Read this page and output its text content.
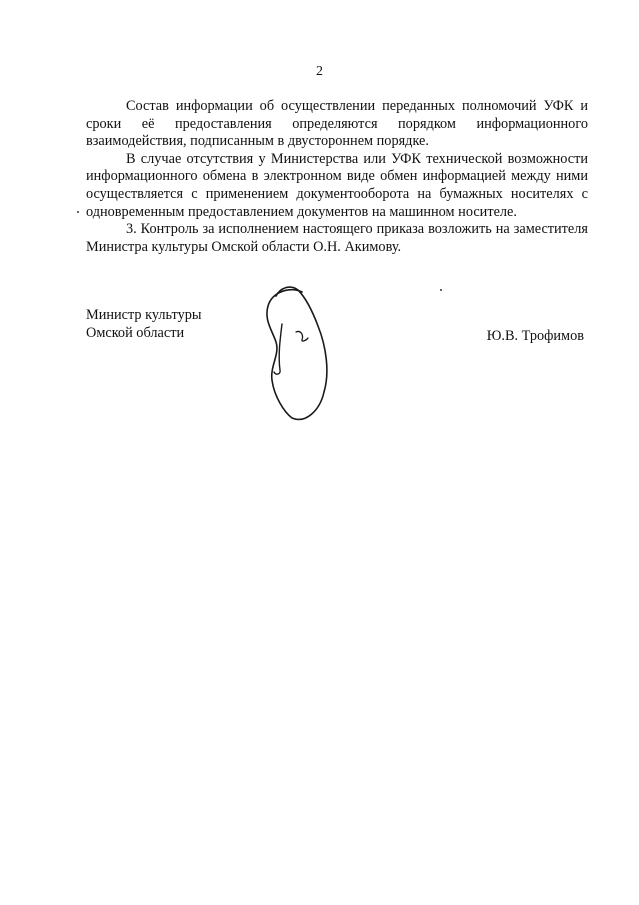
2

Состав информации об осуществлении переданных полномочий УФК и сроки её предоставления определяются порядком информационного взаимодействия, подписанным в двустороннем порядке.

В случае отсутствия у Министерства или УФК технической возможности информационного обмена в электронном виде обмен информацией между ними осуществляется с применением документооборота на бумажных носителях с одновременным предоставлением документов на машинном носителе.

3. Контроль за исполнением настоящего приказа возложить на заместителя Министра культуры Омской области О.Н. Акимову.

Министр культуры
Омской области	Ю.В. Трофимов
